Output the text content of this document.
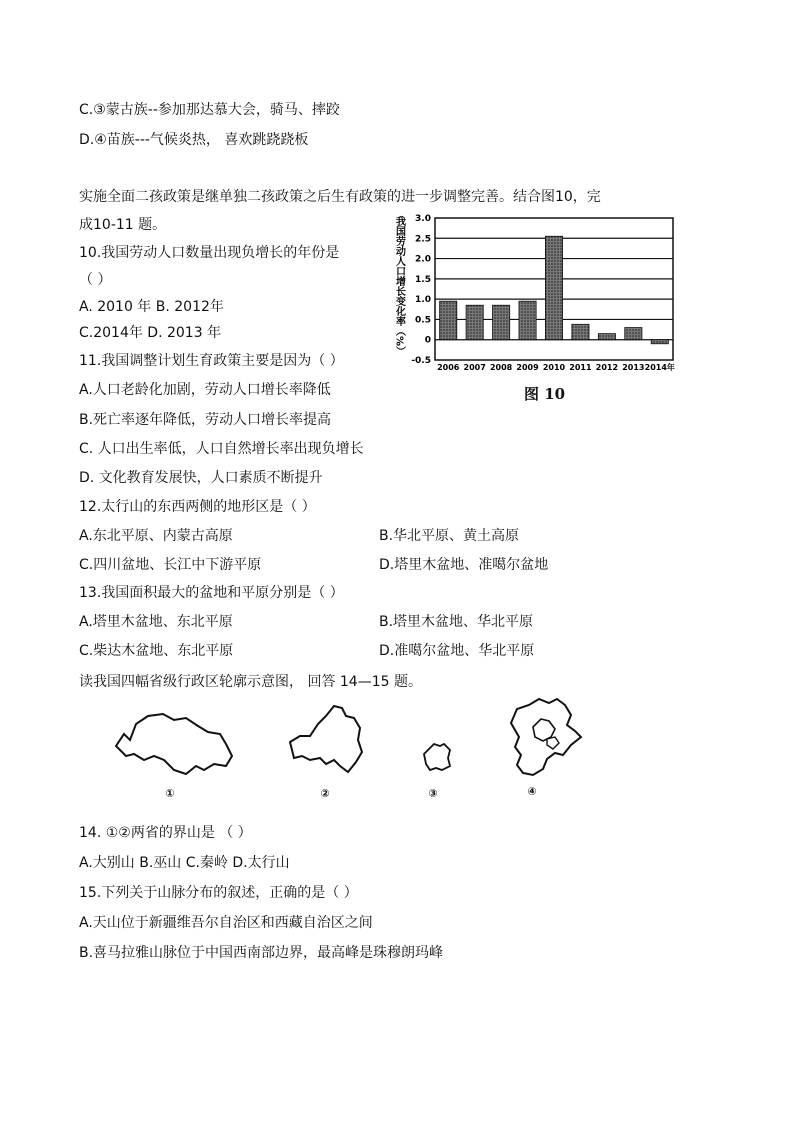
C.③蒙古族--参加那达慕大会，骑马、摔跤
D.④苗族---气候炎热， 喜欢跳跷跷板
实施全面二孩政策是继单独二孩政策之后生有政策的进一步调整完善。结合图10，完
成10-11 题。
10.我国劳动人口数量出现负增长的年份是
（ ）
A. 2010 年 B. 2012年
C.2014年 D. 2013 年
11.我国调整计划生育政策主要是因为（ ）
A.人口老龄化加剧，劳动人口增长率降低
B.死亡率逐年降低，劳动人口增长率提高
C. 人口出生率低，人口自然增长率出现负增长
D. 文化教育发展快，人口素质不断提升
12.太行山的东西两侧的地形区是（ ）
A.东北平原、内蒙古高原	B.华北平原、黄土高原
C.四川盆地、长江中下游平原	D.塔里木盆地、准噶尔盆地
13.我国面积最大的盆地和平原分别是（ ）
A.塔里木盆地、东北平原	B.塔里木盆地、华北平原
C.柴达木盆地、东北平原	D.准噶尔盆地、华北平原
读我国四幅省级行政区轮廓示意图， 回答 14—15 题。
14. ①②两省的界山是 （ ）
A.大别山 B.巫山 C.秦岭 D.太行山
15.下列关于山脉分布的叙述，正确的是（ ）
A.天山位于新疆维吾尔自治区和西藏自治区之间
B.喜马拉雅山脉位于中国西南部边界，最高峰是珠穆朗玛峰
我国劳动人口增长变化率（%） 3.0
2.5
2.0
1.5
1.0
0.5
0
-0.5
2006 2007 2008 2009 2010 2011 2012 2013 2014年
图 10
①	②	③	④
